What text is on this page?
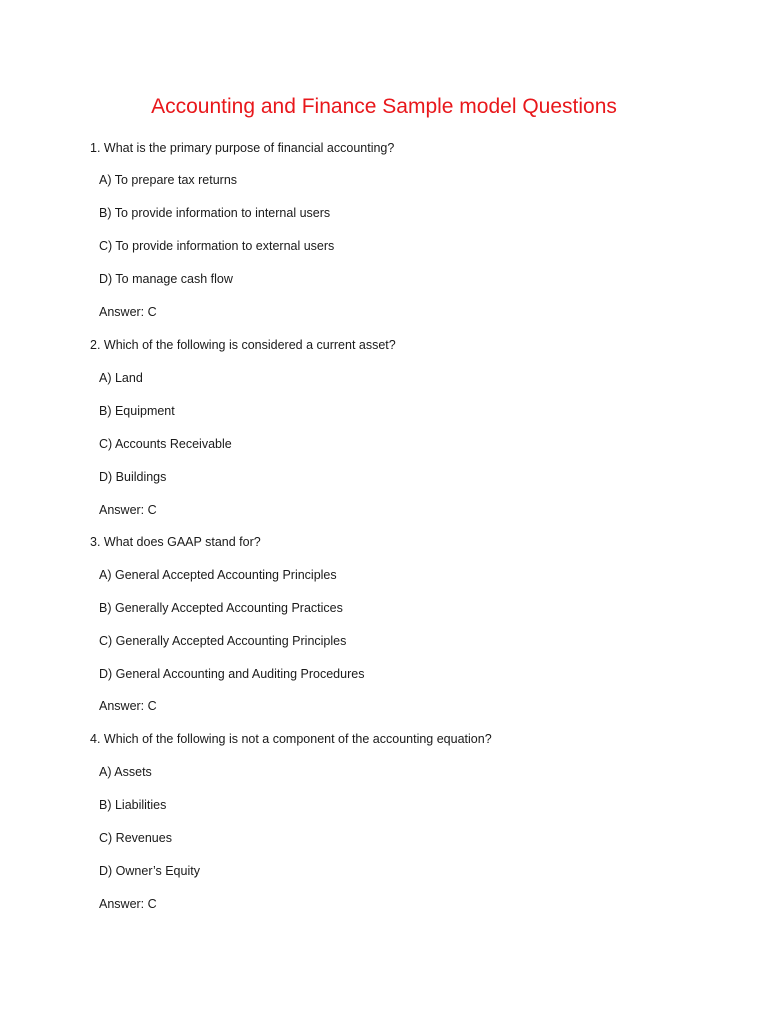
Accounting and Finance Sample model Questions
1. What is the primary purpose of financial accounting?
A) To prepare tax returns
B) To provide information to internal users
C) To provide information to external users
D) To manage cash flow
Answer: C
2. Which of the following is considered a current asset?
A) Land
B) Equipment
C) Accounts Receivable
D) Buildings
Answer: C
3. What does GAAP stand for?
A) General Accepted Accounting Principles
B) Generally Accepted Accounting Practices
C) Generally Accepted Accounting Principles
D) General Accounting and Auditing Procedures
Answer: C
4. Which of the following is not a component of the accounting equation?
A) Assets
B) Liabilities
C) Revenues
D) Owner’s Equity
Answer: C
